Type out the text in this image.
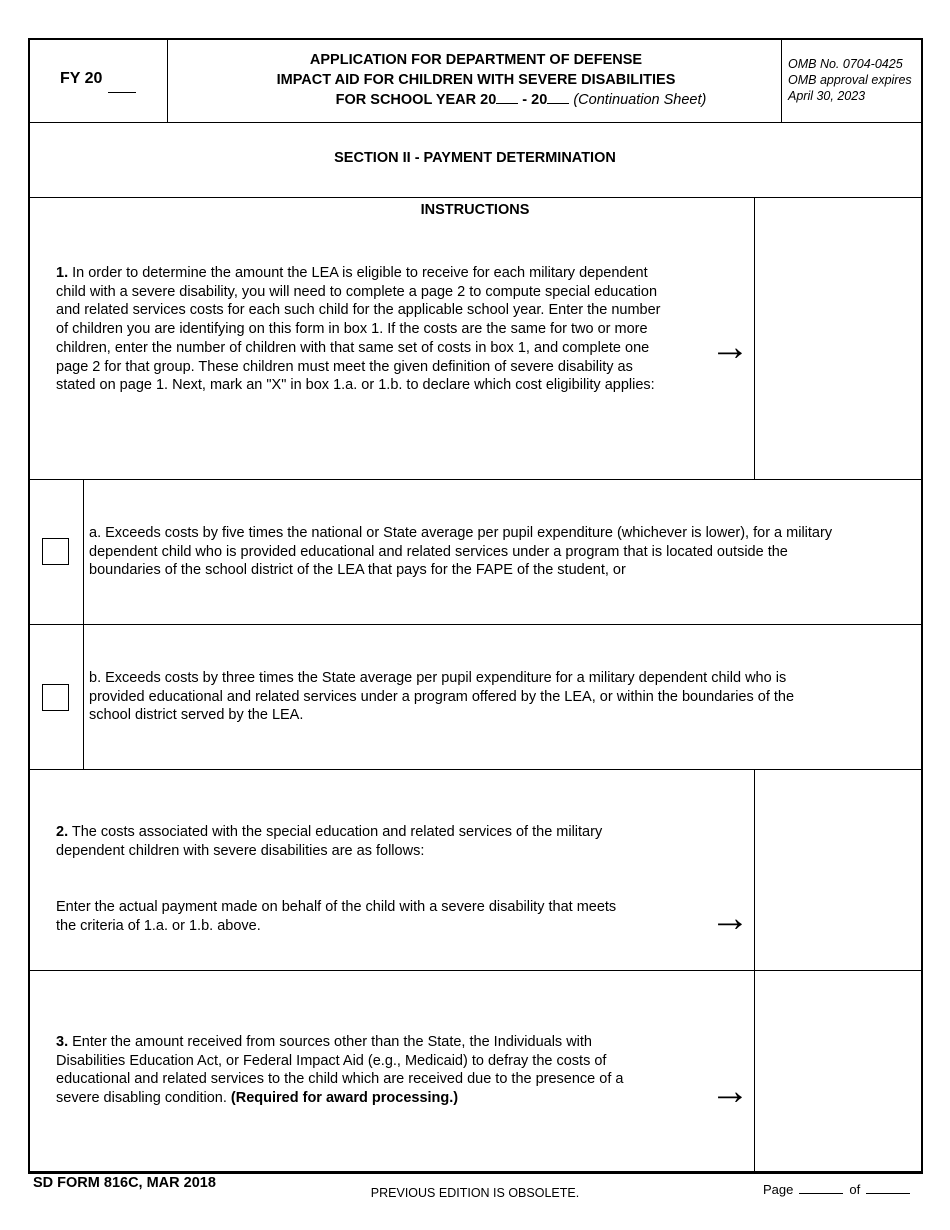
FY 20
APPLICATION FOR DEPARTMENT OF DEFENSE
IMPACT AID FOR CHILDREN WITH SEVERE DISABILITIES
FOR SCHOOL YEAR 20 - 20 (Continuation Sheet)
OMB No. 0704-0425
OMB approval expires
April 30, 2023
SECTION II - PAYMENT DETERMINATION
INSTRUCTIONS
1. In order to determine the amount the LEA is eligible to receive for each military dependent child with a severe disability, you will need to complete a page 2 to compute special education and related services costs for each such child for the applicable school year. Enter the number of children you are identifying on this form in box 1. If the costs are the same for two or more children, enter the number of children with that same set of costs in box 1, and complete one page 2 for that group. These children must meet the given definition of severe disability as stated on page 1. Next, mark an "X" in box 1.a. or 1.b. to declare which cost eligibility applies:
→
a. Exceeds costs by five times the national or State average per pupil expenditure (whichever is lower), for a military dependent child who is provided educational and related services under a program that is located outside the boundaries of the school district of the LEA that pays for the FAPE of the student, or
b. Exceeds costs by three times the State average per pupil expenditure for a military dependent child who is provided educational and related services under a program offered by the LEA, or within the boundaries of the school district served by the LEA.
2. The costs associated with the special education and related services of the military dependent children with severe disabilities are as follows:
Enter the actual payment made on behalf of the child with a severe disability that meets the criteria of 1.a. or 1.b. above.	→
3. Enter the amount received from sources other than the State, the Individuals with Disabilities Education Act, or Federal Impact Aid (e.g., Medicaid) to defray the costs of educational and related services to the child which are received due to the presence of a severe disabling condition. (Required for award processing.)	→
SD FORM 816C, MAR 2018
PREVIOUS EDITION IS OBSOLETE.	Page	of
